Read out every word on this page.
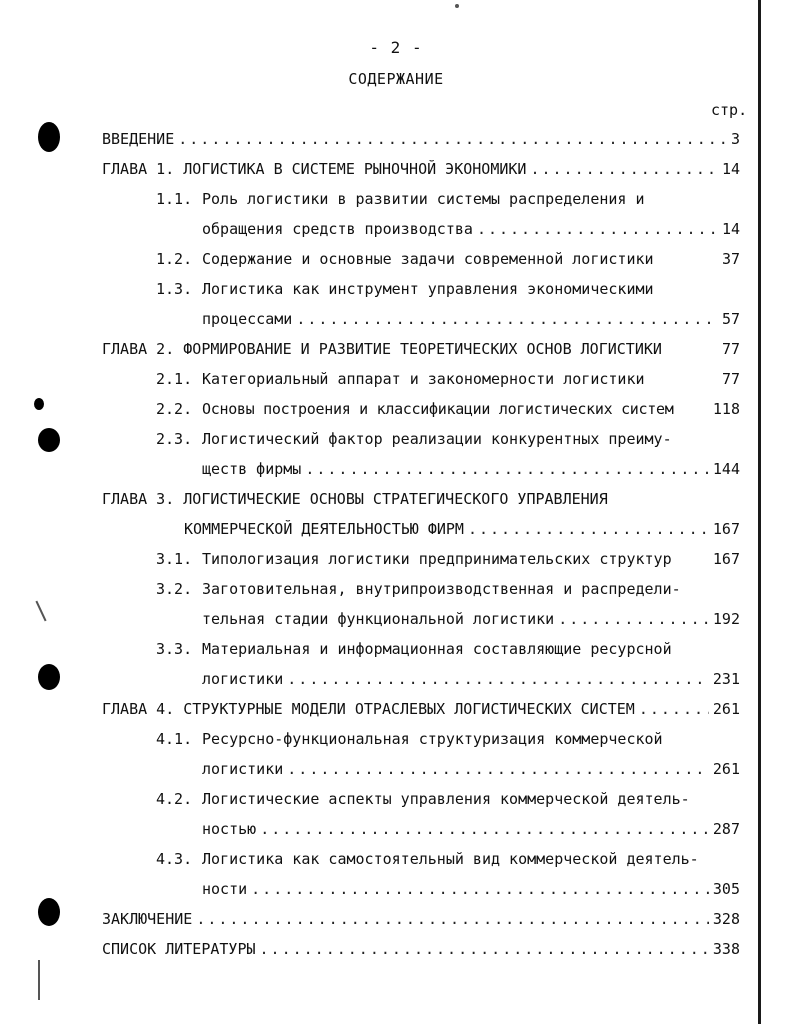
- 2 -
СОДЕРЖАНИЕ
стр.
ВВЕДЕНИЕ .....	3
ГЛАВА 1. ЛОГИСТИКА В СИСТЕМЕ РЫНОЧНОЙ ЭКОНОМИКИ .....	14
1.1. Роль логистики в развитии системы распределения и
обращения средств производства .....	14
1.2. Содержание и основные задачи современной логистики	37
1.3. Логистика как инструмент управления экономическими
процессами .....	57
ГЛАВА 2. ФОРМИРОВАНИЕ И РАЗВИТИЕ ТЕОРЕТИЧЕСКИХ ОСНОВ ЛОГИСТИКИ	77
2.1. Категориальный аппарат и закономерности логистики	77
2.2. Основы построения и классификации логистических систем	118
2.3. Логистический фактор реализации конкурентных преиму-
ществ фирмы .....	144
ГЛАВА 3. ЛОГИСТИЧЕСКИЕ ОСНОВЫ СТРАТЕГИЧЕСКОГО УПРАВЛЕНИЯ
КОММЕРЧЕСКОЙ ДЕЯТЕЛЬНОСТЬЮ ФИРМ .....	167
3.1. Типологизация логистики предпринимательских структур	167
3.2. Заготовительная, внутрипроизводственная и распредели-
тельная стадии функциональной логистики .....	192
3.3. Материальная и информационная составляющие ресурсной
логистики .....	231
ГЛАВА 4. СТРУКТУРНЫЕ МОДЕЛИ ОТРАСЛЕВЫХ ЛОГИСТИЧЕСКИХ СИСТЕМ .....	261
4.1. Ресурсно-функциональная структуризация коммерческой
логистики .....	261
4.2. Логистические аспекты управления коммерческой деятель-
ностью .....	287
4.3. Логистика как самостоятельный вид коммерческой деятель-
ности .....	305
ЗАКЛЮЧЕНИЕ .....	328
СПИСОК ЛИТЕРАТУРЫ .....	338
